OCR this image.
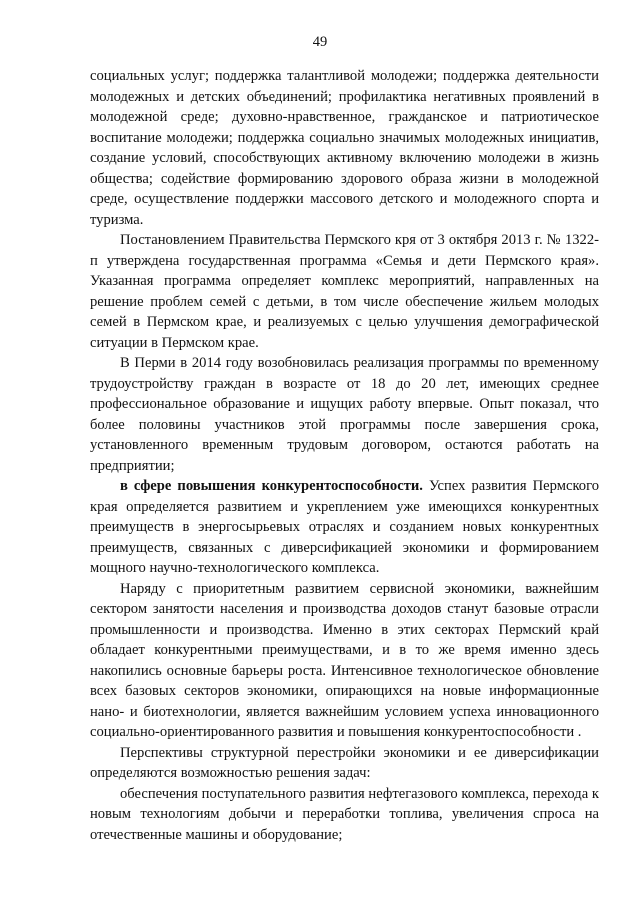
49

социальных услуг; поддержка талантливой молодежи; поддержка деятельности молодежных и детских объединений; профилактика негативных проявлений в молодежной среде; духовно-нравственное, гражданское и патриотическое воспитание молодежи; поддержка социально значимых молодежных инициатив, создание условий, способствующих активному включению молодежи в жизнь общества; содействие формированию здорового образа жизни в молодежной среде, осуществление поддержки массового детского и молодежного спорта и туризма.

Постановлением Правительства Пермского кря от 3 октября 2013 г. № 1322-п утверждена государственная программа «Семья и дети Пермского края». Указанная программа определяет комплекс мероприятий, направленных на решение проблем семей с детьми, в том числе обеспечение жильем молодых семей в Пермском крае, и реализуемых с целью улучшения демографической ситуации в Пермском крае.

В Перми в 2014 году возобновилась реализация программы по временному трудоустройству граждан в возрасте от 18 до 20 лет, имеющих среднее профессиональное образование и ищущих работу впервые. Опыт показал, что более половины участников этой программы после завершения срока, установленного временным трудовым договором, остаются работать на предприятии;

в сфере повышения конкурентоспособности. Успех развития Пермского края определяется развитием и укреплением уже имеющихся конкурентных преимуществ в энергосырьевых отраслях и созданием новых конкурентных преимуществ, связанных с диверсификацией экономики и формированием мощного научно-технологического комплекса.

Наряду с приоритетным развитием сервисной экономики, важнейшим сектором занятости населения и производства доходов станут базовые отрасли промышленности и производства. Именно в этих секторах Пермский край обладает конкурентными преимуществами, и в то же время именно здесь накопились основные барьеры роста. Интенсивное технологическое обновление всех базовых секторов экономики, опирающихся на новые информационные нано- и биотехнологии, является важнейшим условием успеха инновационного социально-ориентированного развития и повышения конкурентоспособности .

Перспективы структурной перестройки экономики и ее диверсификации определяются возможностью решения задач:

обеспечения поступательного развития нефтегазового комплекса, перехода к новым технологиям добычи и переработки топлива, увеличения спроса на отечественные машины и оборудование;
